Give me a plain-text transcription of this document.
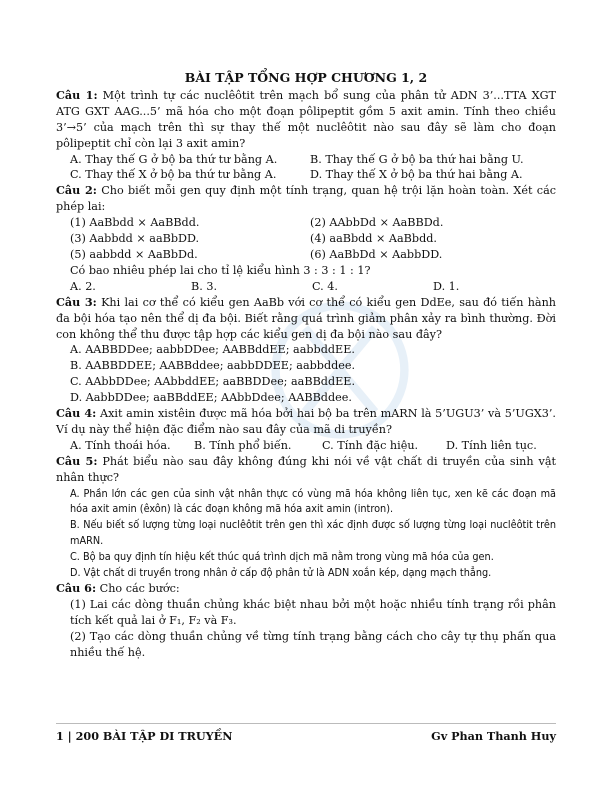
BÀI TẬP TỔNG HỢP CHƯƠNG 1, 2

Câu 1: Một trình tự các nuclêôtit trên mạch bổ sung của phân tử ADN 3’...TTA XGT ATG GXT AAG...5’ mã hóa cho một đoạn pôlipeptit gồm 5 axit amin. Tính theo chiều 3’→5’ của mạch trên thì sự thay thế một nuclêôtit nào sau đây sẽ làm cho đoạn pôlipeptit chỉ còn lại 3 axit amin?

A. Thay thế G ở bộ ba thứ tư bằng A.	B. Thay thế G ở bộ ba thứ hai bằng U.
C. Thay thế X ở bộ ba thứ tư bằng A.	D. Thay thế X ở bộ ba thứ hai bằng A.

Câu 2: Cho biết mỗi gen quy định một tính trạng, quan hệ trội lặn hoàn toàn. Xét các phép lai:

(1) AaBbdd × AaBBdd.	(2) AAbbDd × AaBBDd.
(3) Aabbdd × aaBbDD.	(4) aaBbdd × AaBbdd.
(5) aabbdd × AaBbDd.	(6) AaBbDd × AabbDD.
Có bao nhiêu phép lai cho tỉ lệ kiểu hình 3 : 3 : 1 : 1?
A. 2.	B. 3.	C. 4.	D. 1.

Câu 3: Khi lai cơ thể có kiểu gen AaBb với cơ thể có kiểu gen DdEe, sau đó tiến hành đa bội hóa tạo nên thể dị đa bội. Biết rằng quá trình giảm phân xảy ra bình thường. Đời con không thể thu được tập hợp các kiểu gen dị đa bội nào sau đây?

A. AABBDDee; aabbDDee; AABBddEE; aabbddEE.
B. AABBDDEE; AABBddee; aabbDDEE; aabbddee.
C. AAbbDDee; AAbbddEE; aaBBDDee; aaBBddEE.
D. AabbDDee; aaBBddEE; AAbbDdee; AABBddee.

Câu 4: Axit amin xistêin được mã hóa bởi hai bộ ba trên mARN là 5’UGU3’ và 5’UGX3’. Ví dụ này thể hiện đặc điểm nào sau đây của mã di truyền?

A. Tính thoái hóa.	B. Tính phổ biến.	C. Tính đặc hiệu.	D. Tính liên tục.

Câu 5: Phát biểu nào sau đây không đúng khi nói về vật chất di truyền của sinh vật nhân thực?

A. Phần lớn các gen của sinh vật nhân thực có vùng mã hóa không liên tục, xen kẽ các đoạn mã hóa axit amin (êxôn) là các đoạn không mã hóa axit amin (intron).

B. Nếu biết số lượng từng loại nuclêôtit trên gen thì xác định được số lượng từng loại nuclêôtit trên mARN.

C. Bộ ba quy định tín hiệu kết thúc quá trình dịch mã nằm trong vùng mã hóa của gen.

D. Vật chất di truyền trong nhân ở cấp độ phân tử là ADN xoắn kép, dạng mạch thẳng.

Câu 6: Cho các bước:

(1) Lai các dòng thuần chủng khác biệt nhau bởi một hoặc nhiều tính trạng rồi phân tích kết quả lai ở F₁, F₂ và F₃.

(2) Tạo các dòng thuần chủng về từng tính trạng bằng cách cho cây tự thụ phấn qua nhiều thế hệ.

1 | 200 BÀI TẬP DI TRUYỀN	Gv Phan Thanh Huy
